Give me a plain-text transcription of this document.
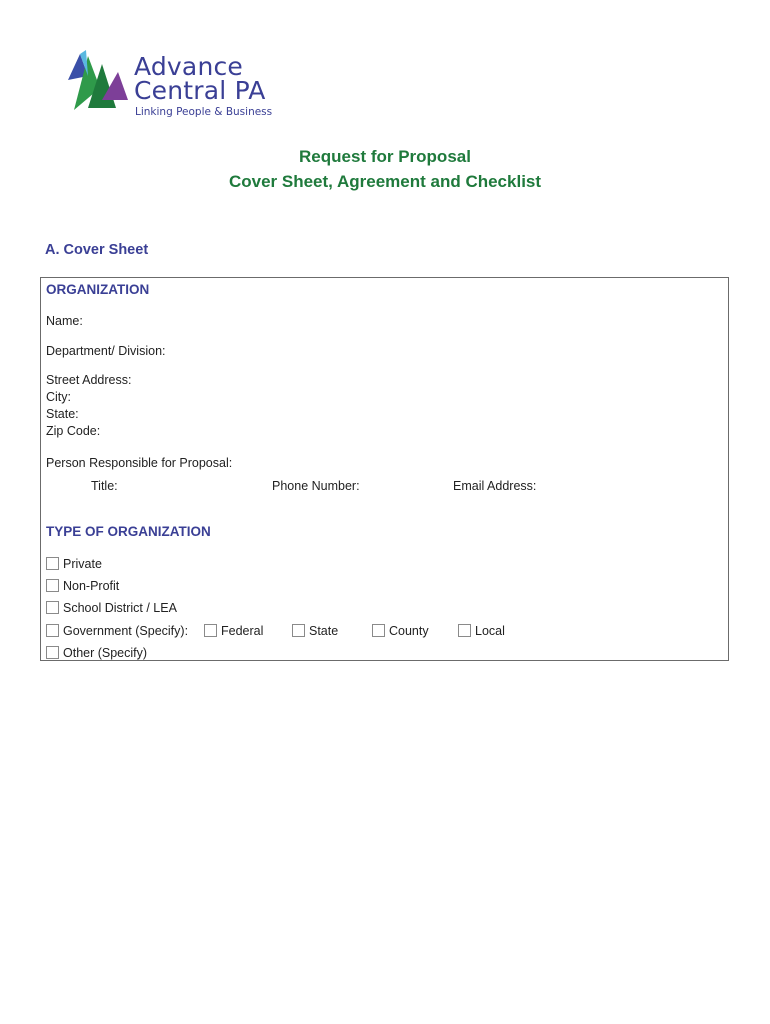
Advance
Central PA
Linking People & Business
Request for Proposal
Cover Sheet, Agreement and Checklist
A. Cover Sheet
ORGANIZATION
Name:
Department/ Division:
Street Address:
City:
State:
Zip Code:
Person Responsible for Proposal:
Title:	Phone Number:	Email Address:
TYPE OF ORGANIZATION
Private
Non-Profit
School District / LEA
Government (Specify):	Federal	State	County	Local
Other (Specify)
